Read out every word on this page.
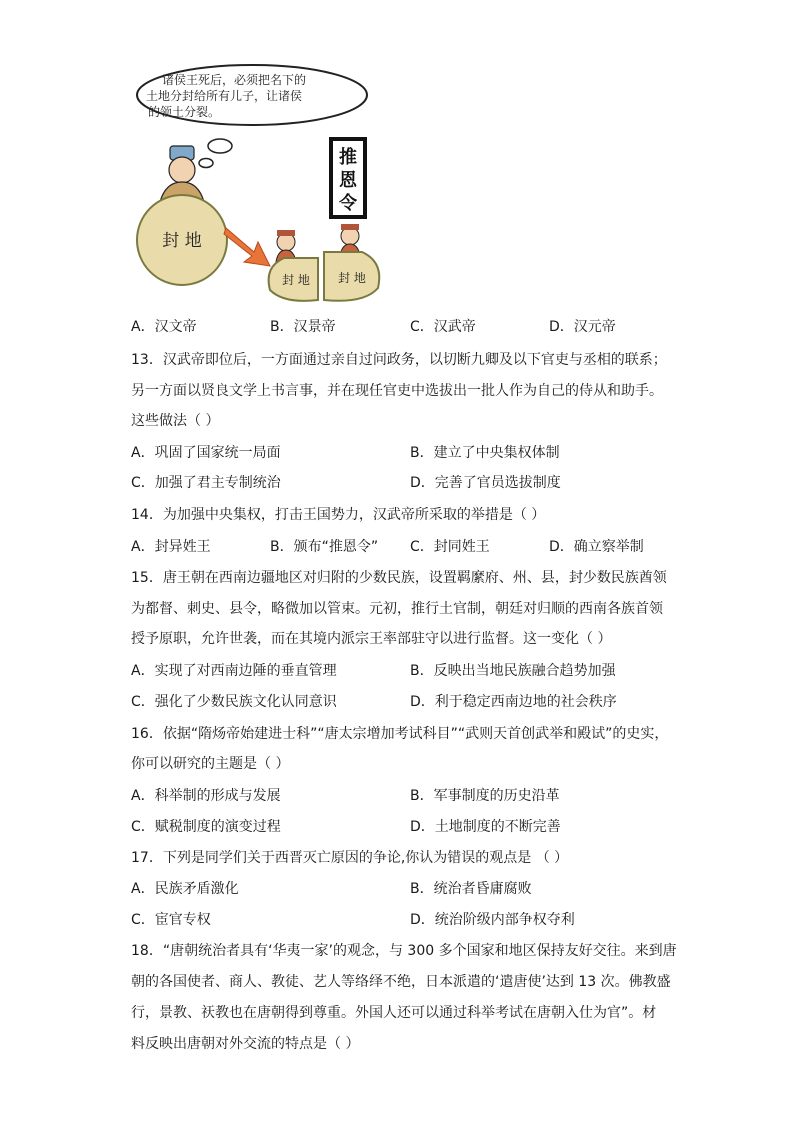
诸侯王死后，必须把名下的
土地分封给所有儿子，让诸侯
的领土分裂。
推
恩
令
封 地
封 地 封 地
A．汉文帝	B．汉景帝	C．汉武帝	D．汉元帝
13．汉武帝即位后，一方面通过亲自过问政务，以切断九卿及以下官吏与丞相的联系；
另一方面以贤良文学上书言事，并在现任官吏中选拔出一批人作为自己的侍从和助手。
这些做法（ ）
A．巩固了国家统一局面	B．建立了中央集权体制
C．加强了君主专制统治	D．完善了官员选拔制度
14．为加强中央集权，打击王国势力，汉武帝所采取的举措是（ ）
A．封异姓王	B．颁布“推恩令” C．封同姓王	D．确立察举制
15．唐王朝在西南边疆地区对归附的少数民族，设置羁縻府、州、县，封少数民族酋领
为都督、刺史、县令，略微加以管束。元初，推行土官制，朝廷对归顺的西南各族首领
授予原职，允许世袭，而在其境内派宗王率部驻守以进行监督。这一变化（ ）
A．实现了对西南边陲的垂直管理	B．反映出当地民族融合趋势加强
C．强化了少数民族文化认同意识	D．利于稳定西南边地的社会秩序
16．依据“隋炀帝始建进士科”“唐太宗增加考试科目”“武则天首创武举和殿试”的史实，
你可以研究的主题是（ ）
A．科举制的形成与发展	B．军事制度的历史沿革
C．赋税制度的演变过程	D．土地制度的不断完善
17．下列是同学们关于西晋灭亡原因的争论,你认为错误的观点是 （ ）
A．民族矛盾激化	B．统治者昏庸腐败
C．宦官专权	D．统治阶级内部争权夺利
18．“唐朝统治者具有‘华夷一家’的观念，与 300 多个国家和地区保持友好交往。来到唐
朝的各国使者、商人、教徒、艺人等络绎不绝，日本派遣的‘遣唐使’达到 13 次。佛教盛
行，景教、祆教也在唐朝得到尊重。外国人还可以通过科举考试在唐朝入仕为官”。材
料反映出唐朝对外交流的特点是（ ）
